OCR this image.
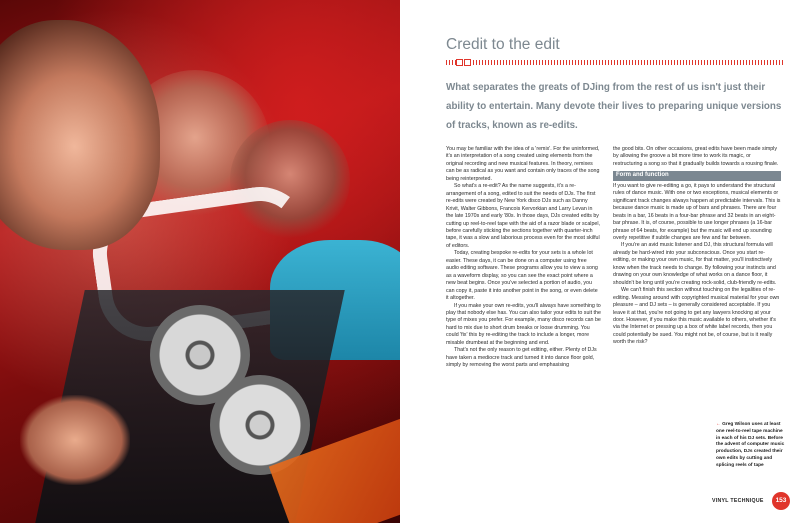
Credit to the edit

What separates the greats of DJing from the rest of us isn't just their ability to entertain. Many devote their lives to preparing unique versions of tracks, known as re-edits.

You may be familiar with the idea of a 'remix'. For the uninformed, it's an interpretation of a song created using elements from the original recording and new musical features. In theory, remixes can be as radical as you want and contain only traces of the song being reinterpreted.

So what's a re-edit? As the name suggests, it's a re-arrangement of a song, edited to suit the needs of DJs. The first re-edits were created by New York disco DJs such as Danny Krivit, Walter Gibbons, Francois Kervorkian and Larry Levan in the late 1970s and early '80s. In those days, DJs created edits by cutting up reel-to-reel tape with the aid of a razor blade or scalpel, before carefully sticking the sections together with quarter-inch tape, it was a slow and laborious process even for the most skilful of editors.

Today, creating bespoke re-edits for your sets is a whole lot easier. These days, it can be done on a computer using free audio editing software. These programs allow you to view a song as a waveform display, so you can see the exact point where a new beat begins. Once you've selected a portion of audio, you can copy it, paste it into another point in the song, or even delete it altogether.

If you make your own re-edits, you'll always have something to play that nobody else has. You can also tailor your edits to suit the type of mixes you prefer. For example, many disco records can be hard to mix due to short drum breaks or loose drumming. You could 'fix' this by re-editing the track to include a longer, more mixable drumbeat at the beginning and end.

That's not the only reason to get editing, either. Plenty of DJs have taken a mediocre track and turned it into dance floor gold, simply by removing the worst parts and emphasising

the good bits. On other occasions, great edits have been made simply by allowing the groove a bit more time to work its magic, or restructuring a song so that it gradually builds towards a rousing finale.

Form and function

If you want to give re-editing a go, it pays to understand the structural rules of dance music. With one or two exceptions, musical elements or significant track changes always happen at predictable intervals. This is because dance music is made up of bars and phrases. There are four beats in a bar, 16 beats in a four-bar phrase and 32 beats in an eight-bar phrase. It is, of course, possible to use longer phrases (a 16-bar phrase of 64 beats, for example) but the music will end up sounding overly repetitive if subtle changes are few and far between.

If you're an avid music listener and DJ, this structural formula will already be hard-wired into your subconscious. Once you start re-editing, or making your own music, for that matter, you'll instinctively know when the track needs to change. By following your instincts and drawing on your own knowledge of what works on a dance floor, it shouldn't be long until you're creating rock-solid, club-friendly re-edits.

We can't finish this section without touching on the legalities of re-editing. Messing around with copyrighted musical material for your own pleasure – and DJ sets – is generally considered acceptable. If you leave it at that, you're not going to get any lawyers knocking at your door. However, if you make this music available to others, whether it's via the Internet or pressing up a box of white label records, then you could potentially be sued. You might not be, of course, but is it really worth the risk?

← Greg Wilson uses at least one reel-to-reel tape machine in each of his DJ sets. Before the advent of computer music production, DJs created their own edits by cutting and splicing reels of tape
VINYL TECHNIQUE	153
